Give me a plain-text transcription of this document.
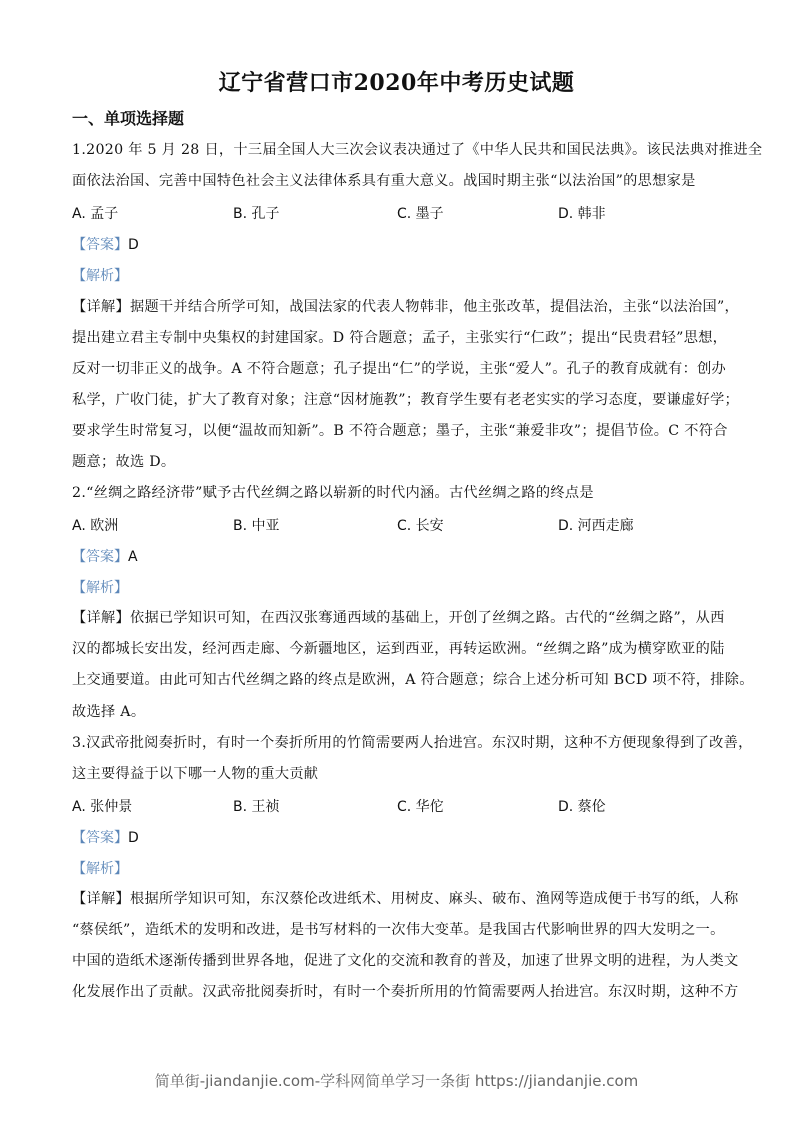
辽宁省营口市2020年中考历史试题
一、单项选择题
1.2020 年 5 月 28 日，十三届全国人大三次会议表决通过了《中华人民共和国民法典》。该民法典对推进全
面依法治国、完善中国特色社会主义法律体系具有重大意义。战国时期主张“以法治国”的思想家是
A. 孟子	B. 孔子	C. 墨子	D. 韩非
【答案】D
【解析】
【详解】据题干并结合所学可知，战国法家的代表人物韩非，他主张改革，提倡法治，主张“以法治国”，
提出建立君主专制中央集权的封建国家。D 符合题意；孟子，主张实行“仁政”；提出“民贵君轻”思想，
反对一切非正义的战争。A 不符合题意；孔子提出“仁”的学说，主张“爱人”。孔子的教育成就有：创办
私学，广收门徒，扩大了教育对象；注意“因材施教”；教育学生要有老老实实的学习态度，要谦虚好学；
要求学生时常复习，以便“温故而知新”。B 不符合题意；墨子，主张“兼爱非攻”；提倡节俭。C 不符合
题意；故选 D。
2.“丝绸之路经济带”赋予古代丝绸之路以崭新的时代内涵。古代丝绸之路的终点是
A. 欧洲	B. 中亚	C. 长安	D. 河西走廊
【答案】A
【解析】
【详解】依据已学知识可知，在西汉张骞通西域的基础上，开创了丝绸之路。古代的“丝绸之路”，从西
汉的都城长安出发，经河西走廊、今新疆地区，运到西亚，再转运欧洲。“丝绸之路”成为横穿欧亚的陆
上交通要道。由此可知古代丝绸之路的终点是欧洲，A 符合题意；综合上述分析可知 BCD 项不符，排除。
故选择 A。
3.汉武帝批阅奏折时，有时一个奏折所用的竹简需要两人抬进宫。东汉时期，这种不方便现象得到了改善，
这主要得益于以下哪一人物的重大贡献
A. 张仲景	B. 王祯	C. 华佗	D. 蔡伦
【答案】D
【解析】
【详解】根据所学知识可知，东汉蔡伦改进纸术、用树皮、麻头、破布、渔网等造成便于书写的纸，人称
“蔡侯纸”，造纸术的发明和改进，是书写材料的一次伟大变革。是我国古代影响世界的四大发明之一。
中国的造纸术逐渐传播到世界各地，促进了文化的交流和教育的普及，加速了世界文明的进程，为人类文
化发展作出了贡献。汉武帝批阅奏折时，有时一个奏折所用的竹简需要两人抬进宫。东汉时期，这种不方
简单街-jiandanjie.com-学科网简单学习一条街 https://jiandanjie.com
